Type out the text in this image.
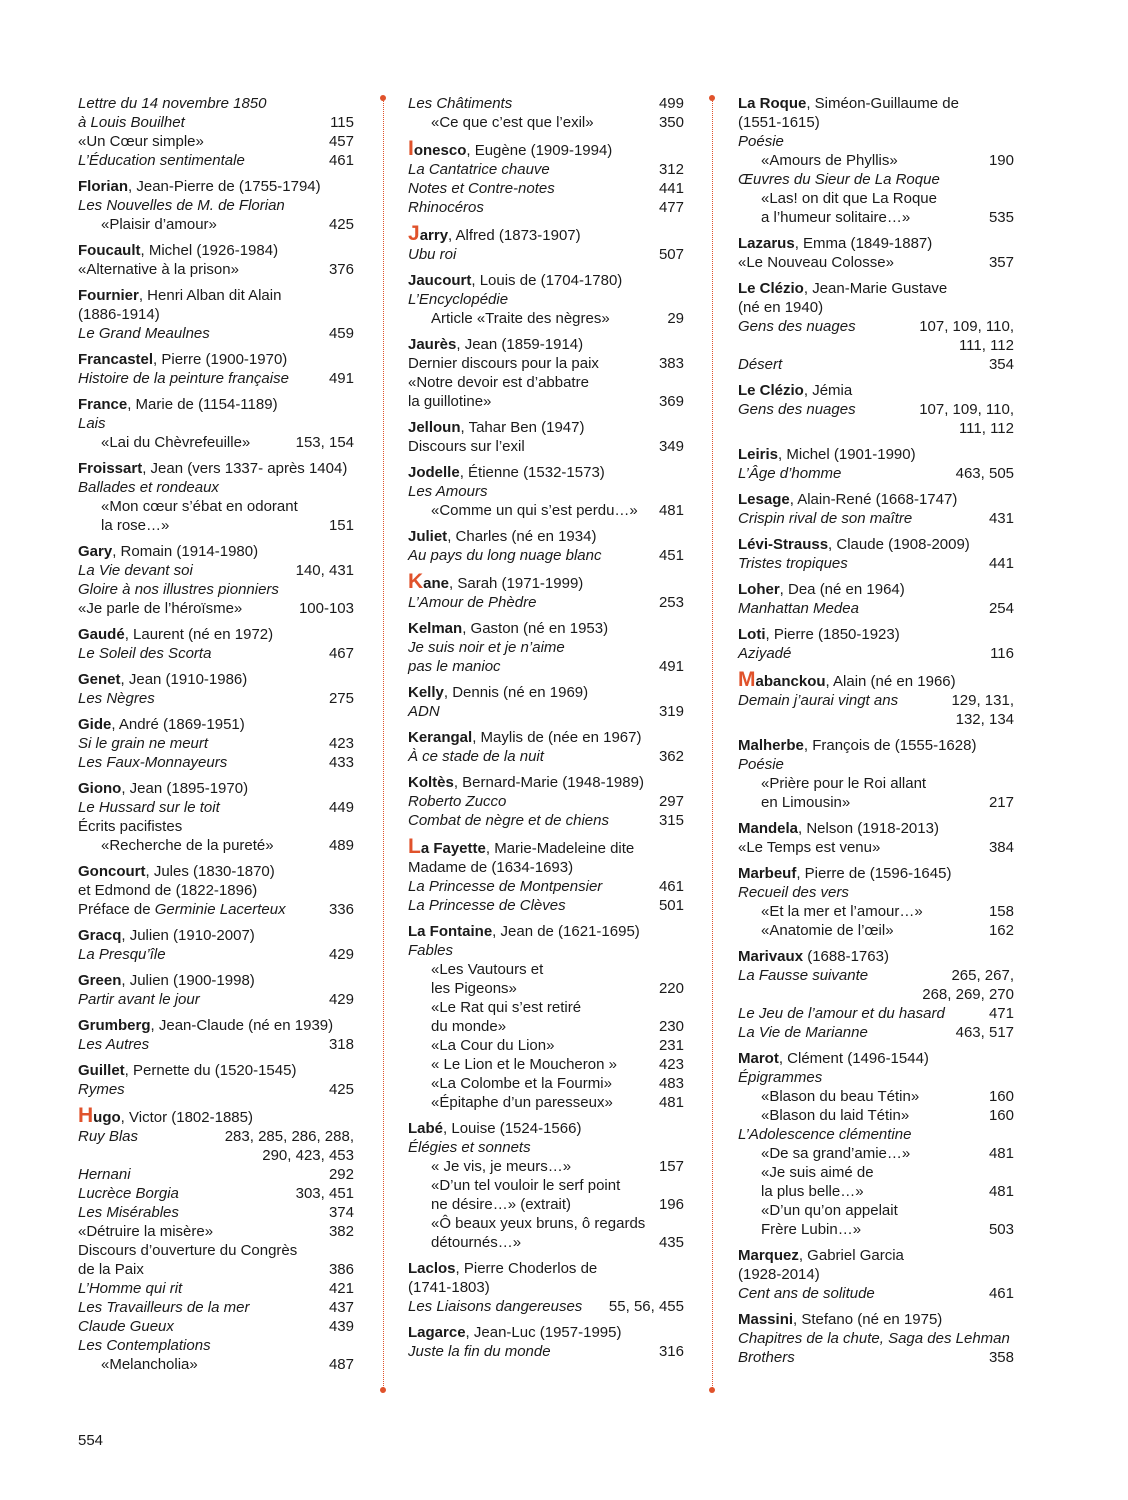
Lettre du 14 novembre 1850
à Louis Bouilhet	115
«Un Cœur simple»	457
L’Éducation sentimentale	461
Florian, Jean-Pierre de (1755-1794)
Les Nouvelles de M. de Florian
«Plaisir d’amour»	425
Foucault, Michel (1926-1984)
«Alternative à la prison»	376
Fournier, Henri Alban dit Alain
(1886-1914)
Le Grand Meaulnes	459
Francastel, Pierre (1900-1970)
Histoire de la peinture française	491
France, Marie de (1154-1189)
Lais
«Lai du Chèvrefeuille»	153, 154
Froissart, Jean (vers 1337- après 1404)
Ballades et rondeaux
«Mon cœur s’ébat en odorant
la rose…»	151
Gary, Romain (1914-1980)
La Vie devant soi	140, 431
Gloire à nos illustres pionniers
«Je parle de l’héroïsme»	100-103
Gaudé, Laurent (né en 1972)
Le Soleil des Scorta	467
Genet, Jean (1910-1986)
Les Nègres	275
Gide, André (1869-1951)
Si le grain ne meurt	423
Les Faux-Monnayeurs	433
Giono, Jean (1895-1970)
Le Hussard sur le toit	449
Écrits pacifistes
«Recherche de la pureté»	489
Goncourt, Jules (1830-1870)
et Edmond de (1822-1896)
Préface de Germinie Lacerteux	336
Gracq, Julien (1910-2007)
La Presqu’île	429
Green, Julien (1900-1998)
Partir avant le jour	429
Grumberg, Jean-Claude (né en 1939)
Les Autres	318
Guillet, Pernette du (1520-1545)
Rymes	425
Hugo, Victor (1802-1885)
Ruy Blas	283, 285, 286, 288,
290, 423, 453
Hernani	292
Lucrèce Borgia	303, 451
Les Misérables	374
«Détruire la misère»	382
Discours d’ouverture du Congrès
de la Paix	386
L’Homme qui rit	421
Les Travailleurs de la mer	437
Claude Gueux	439
Les Contemplations
«Melancholia»	487
Les Châtiments	499
«Ce que c’est que l’exil»	350
Ionesco, Eugène (1909-1994)
La Cantatrice chauve	312
Notes et Contre-notes	441
Rhinocéros	477
Jarry, Alfred (1873-1907)
Ubu roi	507
Jaucourt, Louis de (1704-1780)
L’Encyclopédie
Article «Traite des nègres»	29
Jaurès, Jean (1859-1914)
Dernier discours pour la paix	383
«Notre devoir est d’abbatre
la guillotine»	369
Jelloun, Tahar Ben (1947)
Discours sur l’exil	349
Jodelle, Étienne (1532-1573)
Les Amours
«Comme un qui s’est perdu…» 481
Juliet, Charles (né en 1934)
Au pays du long nuage blanc	451
Kane, Sarah (1971-1999)
L’Amour de Phèdre	253
Kelman, Gaston (né en 1953)
Je suis noir et je n’aime
pas le manioc	491
Kelly, Dennis (né en 1969)
ADN	319
Kerangal, Maylis de (née en 1967)
À ce stade de la nuit	362
Koltès, Bernard-Marie (1948-1989)
Roberto Zucco	297
Combat de nègre et de chiens	315
La Fayette, Marie-Madeleine dite
Madame de (1634-1693)
La Princesse de Montpensier	461
La Princesse de Clèves	501
La Fontaine, Jean de (1621-1695)
Fables
«Les Vautours et
les Pigeons»	220
«Le Rat qui s’est retiré
du monde»	230
«La Cour du Lion»	231
« Le Lion et le Moucheron »	423
«La Colombe et la Fourmi»	483
«Épitaphe d’un paresseux»	481
Labé, Louise (1524-1566)
Élégies et sonnets
« Je vis, je meurs…»	157
«D’un tel vouloir le serf point
ne désire…» (extrait)	196
«Ô beaux yeux bruns, ô regards
détournés…»	435
Laclos, Pierre Choderlos de
(1741-1803)
Les Liaisons dangereuses 55, 56, 455
Lagarce, Jean-Luc (1957-1995)
Juste la fin du monde	316
La Roque, Siméon-Guillaume de
(1551-1615)
Poésie
«Amours de Phyllis»	190
Œuvres du Sieur de La Roque
«Las! on dit que La Roque
a l’humeur solitaire…»	535
Lazarus, Emma (1849-1887)
«Le Nouveau Colosse»	357
Le Clézio, Jean-Marie Gustave
(né en 1940)
Gens des nuages	107, 109, 110,
111, 112
Désert	354
Le Clézio, Jémia
Gens des nuages	107, 109, 110,
111, 112
Leiris, Michel (1901-1990)
L’Âge d’homme	463, 505
Lesage, Alain-René (1668-1747)
Crispin rival de son maître	431
Lévi-Strauss, Claude (1908-2009)
Tristes tropiques	441
Loher, Dea (né en 1964)
Manhattan Medea	254
Loti, Pierre (1850-1923)
Aziyadé	116
Mabanckou, Alain (né en 1966)
Demain j’aurai vingt ans	129, 131,
132, 134
Malherbe, François de (1555-1628)
Poésie
«Prière pour le Roi allant
en Limousin»	217
Mandela, Nelson (1918-2013)
«Le Temps est venu»	384
Marbeuf, Pierre de (1596-1645)
Recueil des vers
«Et la mer et l’amour…»	158
«Anatomie de l’œil»	162
Marivaux (1688-1763)
La Fausse suivante	265, 267,
268, 269, 270
Le Jeu de l’amour et du hasard	471
La Vie de Marianne	463, 517
Marot, Clément (1496-1544)
Épigrammes
«Blason du beau Tétin»	160
«Blason du laid Tétin»	160
L’Adolescence clémentine
«De sa grand’amie…»	481
«Je suis aimé de
la plus belle…»	481
«D’un qu’on appelait
Frère Lubin…»	503
Marquez, Gabriel Garcia
(1928-2014)
Cent ans de solitude	461
Massini, Stefano (né en 1975)
Chapitres de la chute, Saga des Lehman
Brothers	358
554
